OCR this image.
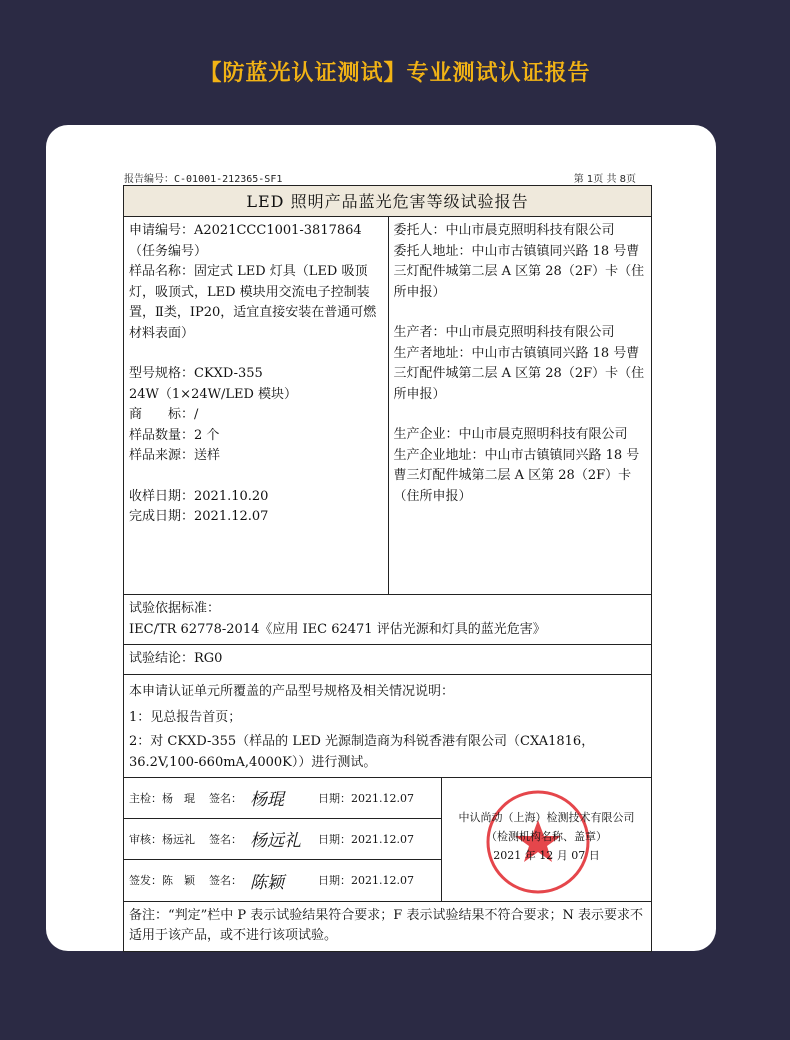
【防蓝光认证测试】专业测试认证报告
报告编号：C-01001-212365-SF1	第 1页 共 8页
LED 照明产品蓝光危害等级试验报告
申请编号：A2021CCC1001-3817864
（任务编号）
样品名称：固定式 LED 灯具（LED 吸顶灯，吸顶式，LED 模块用交流电子控制装置，Ⅱ类，IP20，适宜直接安装在普通可燃材料表面）
型号规格：CKXD-355
24W（1×24W/LED 模块）
商　　标：/
样品数量：2 个
样品来源：送样
收样日期：2021.10.20
完成日期：2021.12.07
委托人：中山市晨克照明科技有限公司
委托人地址：中山市古镇镇同兴路 18 号曹三灯配件城第二层 A 区第 28（2F）卡（住所申报）
生产者：中山市晨克照明科技有限公司
生产者地址：中山市古镇镇同兴路 18 号曹三灯配件城第二层 A 区第 28（2F）卡（住所申报）
生产企业：中山市晨克照明科技有限公司
生产企业地址：中山市古镇镇同兴路 18 号曹三灯配件城第二层 A 区第 28（2F）卡（住所申报）
试验依据标准：
IEC/TR 62778-2014《应用 IEC 62471 评估光源和灯具的蓝光危害》
试验结论：RG0
本申请认证单元所覆盖的产品型号规格及相关情况说明：
1：见总报告首页；
2：对 CKXD-355（样品的 LED 光源制造商为科锐香港有限公司（CXA1816，36.2V,100-660mA,4000K））进行测试。
主检：杨　琨	签名： 杨琨	日期：2021.12.07
审核：杨远礼	签名： 杨远礼	日期：2021.12.07
签发：陈　颖	签名： 陈颖	日期：2021.12.07
中认尚动（上海）检测技术有限公司
（检测机构名称、盖章）
2021 年 12 月 07 日
备注：“判定”栏中 P 表示试验结果符合要求；F 表示试验结果不符合要求；N 表示要求不适用于该产品，或不进行该项试验。
